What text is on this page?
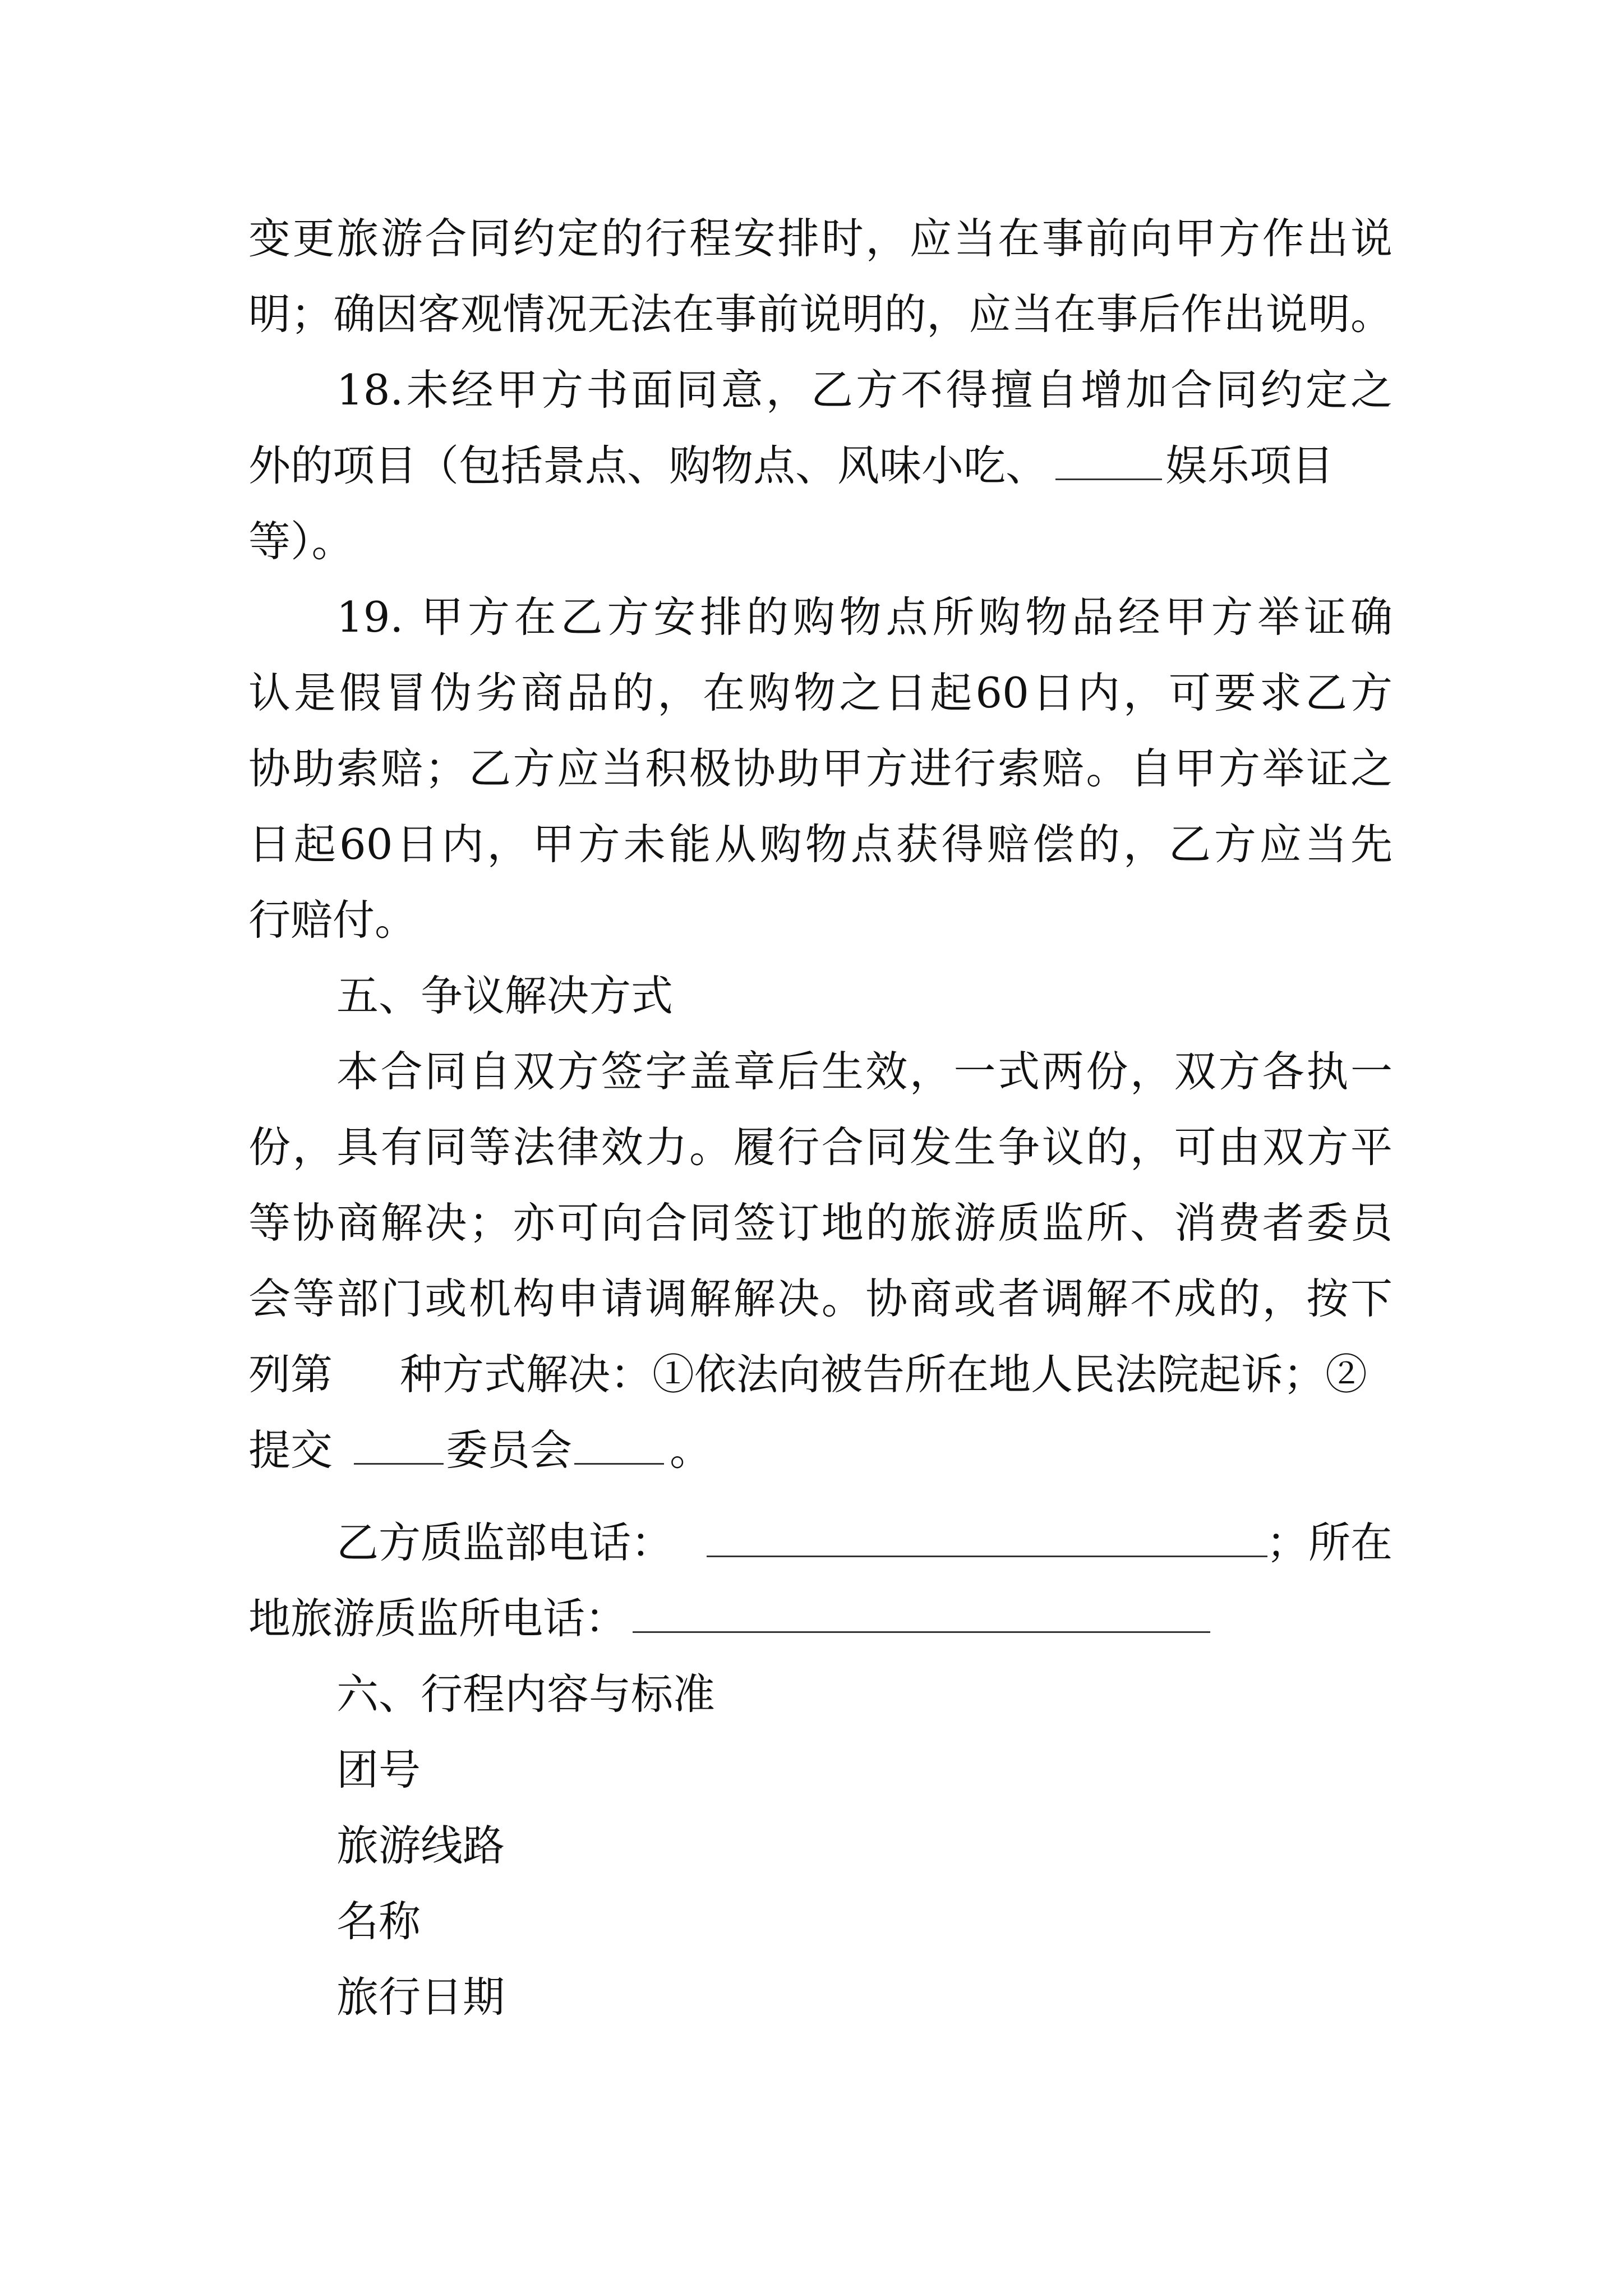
变更旅游合同约定的行程安排时，应当在事前向甲方作出说
明；确因客观情况无法在事前说明的，应当在事后作出说明。
18.未经甲方书面同意，乙方不得擅自增加合同约定之
外的项目（包括景点、购物点、风味小吃、	娱乐项目
等）。
19. 甲方在乙方安排的购物点所购物品经甲方举证确
认是假冒伪劣商品的，在购物之日起60日内，可要求乙方
协助索赔；乙方应当积极协助甲方进行索赔。自甲方举证之
日起60日内，甲方未能从购物点获得赔偿的，乙方应当先
行赔付。
五、争议解决方式
本合同自双方签字盖章后生效，一式两份，双方各执一
份，具有同等法律效力。履行合同发生争议的，可由双方平
等协商解决；亦可向合同签订地的旅游质监所、消费者委员
会等部门或机构申请调解解决。协商或者调解不成的，按下
列第 种方式解决：①依法向被告所在地人民法院起诉；②
提交	委员会 。
乙方质监部电话：	；所在
地旅游质监所电话：
六、行程内容与标准
团号
旅游线路
名称
旅行日期
